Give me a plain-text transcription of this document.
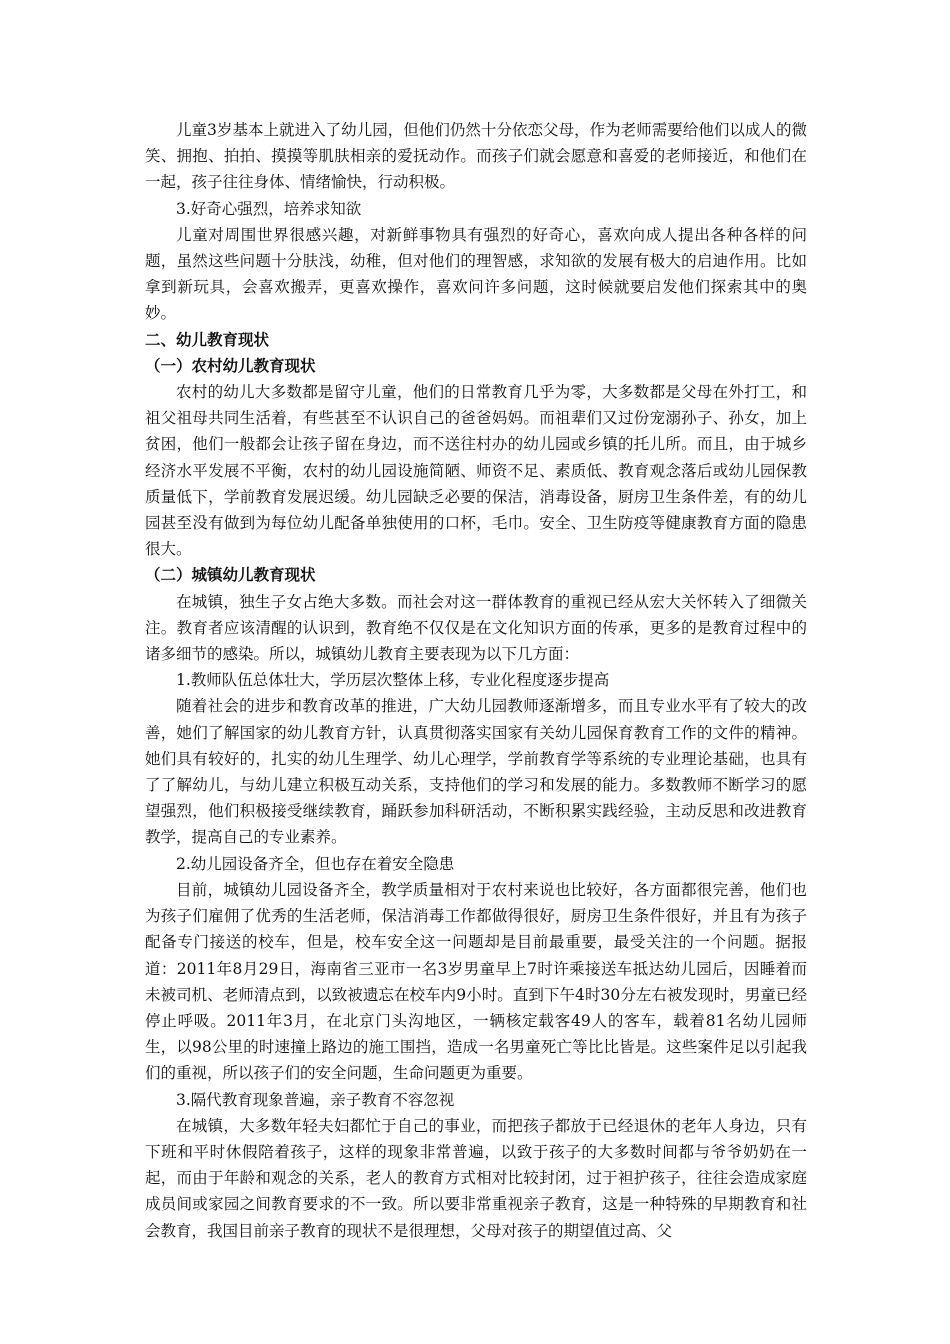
儿童3岁基本上就进入了幼儿园，但他们仍然十分依恋父母，作为老师需要给他们以成人的微笑、拥抱、拍拍、摸摸等肌肤相亲的爱抚动作。而孩子们就会愿意和喜爱的老师接近，和他们在一起，孩子往往身体、情绪愉快，行动积极。

3.好奇心强烈，培养求知欲

儿童对周围世界很感兴趣，对新鲜事物具有强烈的好奇心，喜欢向成人提出各种各样的问题，虽然这些问题十分肤浅，幼稚，但对他们的理智感，求知欲的发展有极大的启迪作用。比如拿到新玩具，会喜欢搬弄，更喜欢操作，喜欢问许多问题，这时候就要启发他们探索其中的奥妙。

二、幼儿教育现状
（一）农村幼儿教育现状

农村的幼儿大多数都是留守儿童，他们的日常教育几乎为零，大多数都是父母在外打工，和祖父祖母共同生活着，有些甚至不认识自己的爸爸妈妈。而祖辈们又过份宠溺孙子、孙女，加上贫困，他们一般都会让孩子留在身边，而不送往村办的幼儿园或乡镇的托儿所。而且，由于城乡经济水平发展不平衡，农村的幼儿园设施简陋、师资不足、素质低、教育观念落后或幼儿园保教质量低下，学前教育发展迟缓。幼儿园缺乏必要的保洁，消毒设备，厨房卫生条件差，有的幼儿园甚至没有做到为每位幼儿配备单独使用的口杯，毛巾。安全、卫生防疫等健康教育方面的隐患很大。

（二）城镇幼儿教育现状

在城镇，独生子女占绝大多数。而社会对这一群体教育的重视已经从宏大关怀转入了细微关注。教育者应该清醒的认识到，教育绝不仅仅是在文化知识方面的传承，更多的是教育过程中的诸多细节的感染。所以，城镇幼儿教育主要表现为以下几方面：

1.教师队伍总体壮大，学历层次整体上移，专业化程度逐步提高

随着社会的进步和教育改革的推进，广大幼儿园教师逐渐增多，而且专业水平有了较大的改善，她们了解国家的幼儿教育方针，认真贯彻落实国家有关幼儿园保育教育工作的文件的精神。她们具有较好的，扎实的幼儿生理学、幼儿心理学，学前教育学等系统的专业理论基础，也具有了了解幼儿，与幼儿建立积极互动关系，支持他们的学习和发展的能力。多数教师不断学习的愿望强烈，他们积极接受继续教育，踊跃参加科研活动，不断积累实践经验，主动反思和改进教育教学，提高自己的专业素养。

2.幼儿园设备齐全，但也存在着安全隐患

目前，城镇幼儿园设备齐全，教学质量相对于农村来说也比较好，各方面都很完善，他们也为孩子们雇佣了优秀的生活老师，保洁消毒工作都做得很好，厨房卫生条件很好，并且有为孩子配备专门接送的校车，但是，校车安全这一问题却是目前最重要，最受关注的一个问题。据报道：2011年8月29日，海南省三亚市一名3岁男童早上7时许乘接送车抵达幼儿园后，因睡着而未被司机、老师清点到，以致被遗忘在校车内9小时。直到下午4时30分左右被发现时，男童已经停止呼吸。2011年3月，在北京门头沟地区，一辆核定载客49人的客车，载着81名幼儿园师生，以98公里的时速撞上路边的施工围挡，造成一名男童死亡等比比皆是。这些案件足以引起我们的重视，所以孩子们的安全问题，生命问题更为重要。

3.隔代教育现象普遍，亲子教育不容忽视

在城镇，大多数年轻夫妇都忙于自己的事业，而把孩子都放于已经退休的老年人身边，只有下班和平时休假陪着孩子，这样的现象非常普遍，以致于孩子的大多数时间都与爷爷奶奶在一起，而由于年龄和观念的关系，老人的教育方式相对比较封闭，过于袒护孩子，往往会造成家庭成员间或家园之间教育要求的不一致。所以要非常重视亲子教育，这是一种特殊的早期教育和社会教育，我国目前亲子教育的现状不是很理想，父母对孩子的期望值过高、父
